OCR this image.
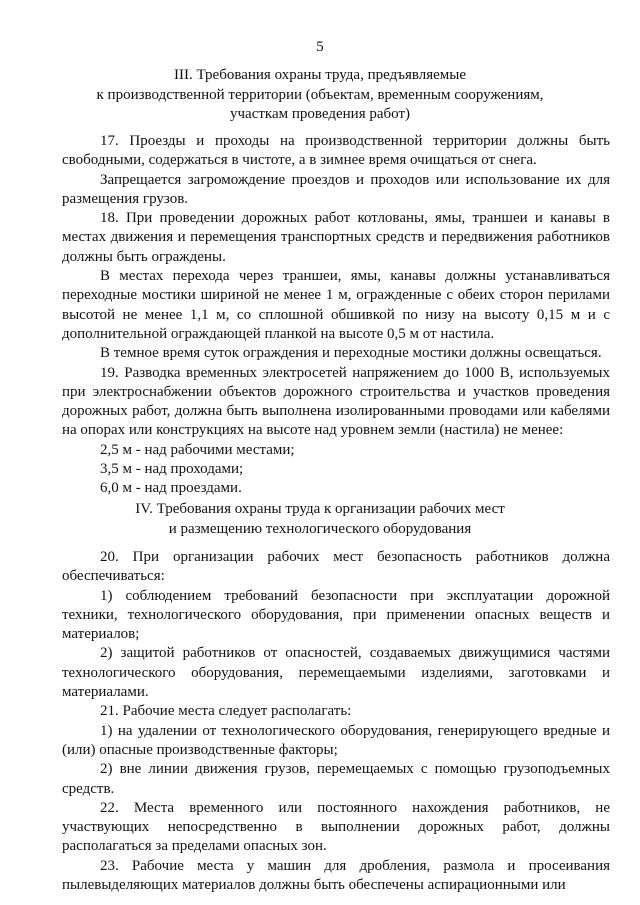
5
III. Требования охраны труда, предъявляемые
к производственной территории (объектам, временным сооружениям,
участкам проведения работ)
17. Проезды и проходы на производственной территории должны быть свободными, содержаться в чистоте, а в зимнее время очищаться от снега.
Запрещается загромождение проездов и проходов или использование их для размещения грузов.
18. При проведении дорожных работ котлованы, ямы, траншеи и канавы в местах движения и перемещения транспортных средств и передвижения работников должны быть ограждены.
В местах перехода через траншеи, ямы, канавы должны устанавливаться переходные мостики шириной не менее 1 м, огражденные с обеих сторон перилами высотой не менее 1,1 м, со сплошной обшивкой по низу на высоту 0,15 м и с дополнительной ограждающей планкой на высоте 0,5 м от настила.
В темное время суток ограждения и переходные мостики должны освещаться.
19. Разводка временных электросетей напряжением до 1000 В, используемых при электроснабжении объектов дорожного строительства и участков проведения дорожных работ, должна быть выполнена изолированными проводами или кабелями на опорах или конструкциях на высоте над уровнем земли (настила) не менее:
2,5 м - над рабочими местами;
3,5 м - над проходами;
6,0 м - над проездами.
IV. Требования охраны труда к организации рабочих мест
и размещению технологического оборудования
20. При организации рабочих мест безопасность работников должна обеспечиваться:
1) соблюдением требований безопасности при эксплуатации дорожной техники, технологического оборудования, при применении опасных веществ и материалов;
2) защитой работников от опасностей, создаваемых движущимися частями технологического оборудования, перемещаемыми изделиями, заготовками и материалами.
21. Рабочие места следует располагать:
1) на удалении от технологического оборудования, генерирующего вредные и (или) опасные производственные факторы;
2) вне линии движения грузов, перемещаемых с помощью грузоподъемных средств.
22. Места временного или постоянного нахождения работников, не участвующих непосредственно в выполнении дорожных работ, должны располагаться за пределами опасных зон.
23. Рабочие места у машин для дробления, размола и просеивания пылевыделяющих материалов должны быть обеспечены аспирационными или
